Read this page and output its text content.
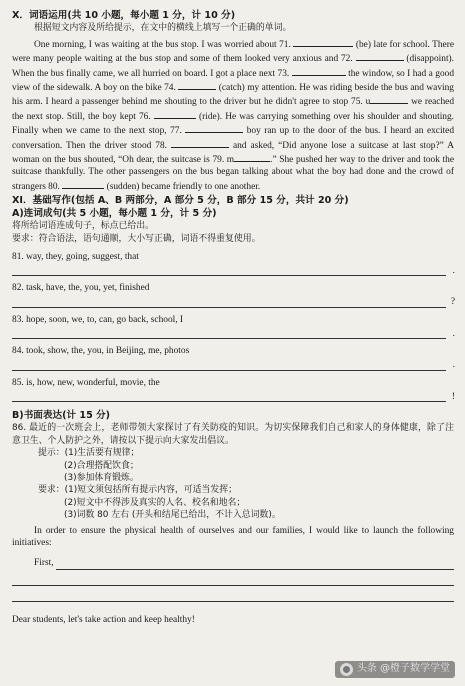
X．词语运用(共 10 小题，每小题 1 分，计 10 分)

根据短文内容及所给提示，在文中的横线上填写一个正确的单词。

One morning, I was waiting at the bus stop. I was worried about 71.	(be) late for school. There were many people waiting at the bus stop and some of them looked very anxious and 72.	(disappoint). When the bus finally came, we all hurried on board. I got a place next 73.	the window, so I had a good view of the sidewalk. A boy on the bike 74.	(catch) my attention. He was riding beside the bus and waving his arm. I heard a passenger behind me shouting to the driver but he didn't agree to stop 75. u	we reached the next stop. Still, the boy kept 76.	(ride). He was carrying something over his shoulder and shouting. Finally when we came to the next stop, 77.	boy ran up to the door of the bus. I heard an excited conversation. Then the driver stood 78.	and asked, “Did anyone lose a suitcase at last stop?” A woman on the bus shouted, “Oh dear, the suitcase is 79. m	.” She pushed her way to the driver and took the suitcase thankfully. The other passengers on the bus began talking about what the boy had done and the crowd of strangers 80.	(sudden) became friendly to one another.

XI．基础写作(包括 A、B 两部分，A 部分 5 分，B 部分 15 分，共计 20 分)

A)连词成句(共 5 小题，每小题 1 分，计 5 分)

将所给词语连成句子，标点已给出。

要求：符合语法，语句通顺，大小写正确，词语不得重复使用。

81. way, they, going, suggest, that

.

82. task, have, the, you, yet, finished

?

83. hope, soon, we, to, can, go back, school, I

.

84. took, show, the, you, in Beijing, me, photos

.

85. is, how, new, wonderful, movie, the

!

B)书面表达(计 15 分)

86. 最近的一次班会上，老师带领大家探讨了有关防疫的知识。为切实保障我们自己和家人的身体健康，除了注意卫生、个人防护之外，请按以下提示向大家发出倡议。

提示：(1)生活要有规律；

(2)合理搭配饮食；

(3)参加体育锻炼。

要求：(1)短文须包括所有提示内容，可适当发挥；

(2)短文中不得涉及真实的人名、校名和地名；

(3)词数 80 左右 (开头和结尾已给出，不计入总词数)。

In order to ensure the physical health of ourselves and our families, I would like to launch the following initiatives:

First,

Dear students, let's take action and keep healthy!

头条 @橙子数学学堂
